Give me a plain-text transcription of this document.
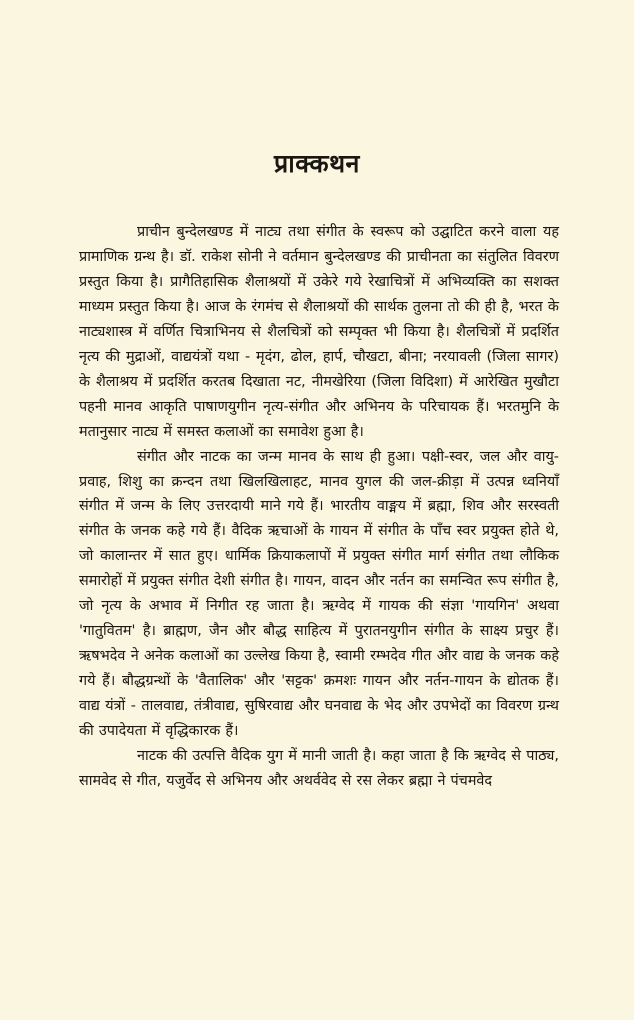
प्राक्कथन

प्राचीन बुन्देलखण्ड में नाट्य तथा संगीत के स्वरूप को उद्घाटित करने वाला यह प्रामाणिक ग्रन्थ है। डॉ. राकेश सोनी ने वर्तमान बुन्देलखण्ड की प्राचीनता का संतुलित विवरण प्रस्तुत किया है। प्रागैतिहासिक शैलाश्रयों में उकेरे गये रेखाचित्रों में अभिव्यक्ति का सशक्त माध्यम प्रस्तुत किया है। आज के रंगमंच से शैलाश्रयों की सार्थक तुलना तो की ही है, भरत के नाट्यशास्त्र में वर्णित चित्राभिनय से शैलचित्रों को सम्पृक्त भी किया है। शैलचित्रों में प्रदर्शित नृत्य की मुद्राओं, वाद्ययंत्रों यथा - मृदंग, ढोल, हार्प, चौखटा, बीना; नरयावली (जिला सागर) के शैलाश्रय में प्रदर्शित करतब दिखाता नट, नीमखेरिया (जिला विदिशा) में आरेखित मुखौटा पहनी मानव आकृति पाषाणयुगीन नृत्य-संगीत और अभिनय के परिचायक हैं। भरतमुनि के मतानुसार नाट्य में समस्त कलाओं का समावेश हुआ है।

संगीत और नाटक का जन्म मानव के साथ ही हुआ। पक्षी-स्वर, जल और वायु-प्रवाह, शिशु का क्रन्दन तथा खिलखिलाहट, मानव युगल की जल-क्रीड़ा में उत्पन्न ध्वनियाँ संगीत में जन्म के लिए उत्तरदायी माने गये हैं। भारतीय वाङ्मय में ब्रह्मा, शिव और सरस्वती संगीत के जनक कहे गये हैं। वैदिक ऋचाओं के गायन में संगीत के पाँच स्वर प्रयुक्त होते थे, जो कालान्तर में सात हुए। धार्मिक क्रियाकलापों में प्रयुक्त संगीत मार्ग संगीत तथा लौकिक समारोहों में प्रयुक्त संगीत देशी संगीत है। गायन, वादन और नर्तन का समन्वित रूप संगीत है, जो नृत्य के अभाव में निगीत रह जाता है। ऋग्वेद में गायक की संज्ञा 'गायगिन' अथवा 'गातुवितम' है। ब्राह्मण, जैन और बौद्ध साहित्य में पुरातनयुगीन संगीत के साक्ष्य प्रचुर हैं। ऋषभदेव ने अनेक कलाओं का उल्लेख किया है, स्वामी रम्भदेव गीत और वाद्य के जनक कहे गये हैं। बौद्धग्रन्थों के 'वैतालिक' और 'सट्टक' क्रमशः गायन और नर्तन-गायन के द्योतक हैं। वाद्य यंत्रों - तालवाद्य, तंत्रीवाद्य, सुषिरवाद्य और घनवाद्य के भेद और उपभेदों का विवरण ग्रन्थ की उपादेयता में वृद्धिकारक हैं।

नाटक की उत्पत्ति वैदिक युग में मानी जाती है। कहा जाता है कि ऋग्वेद से पाठ्य, सामवेद से गीत, यजुर्वेद से अभिनय और अथर्ववेद से रस लेकर ब्रह्मा ने पंचमवेद
